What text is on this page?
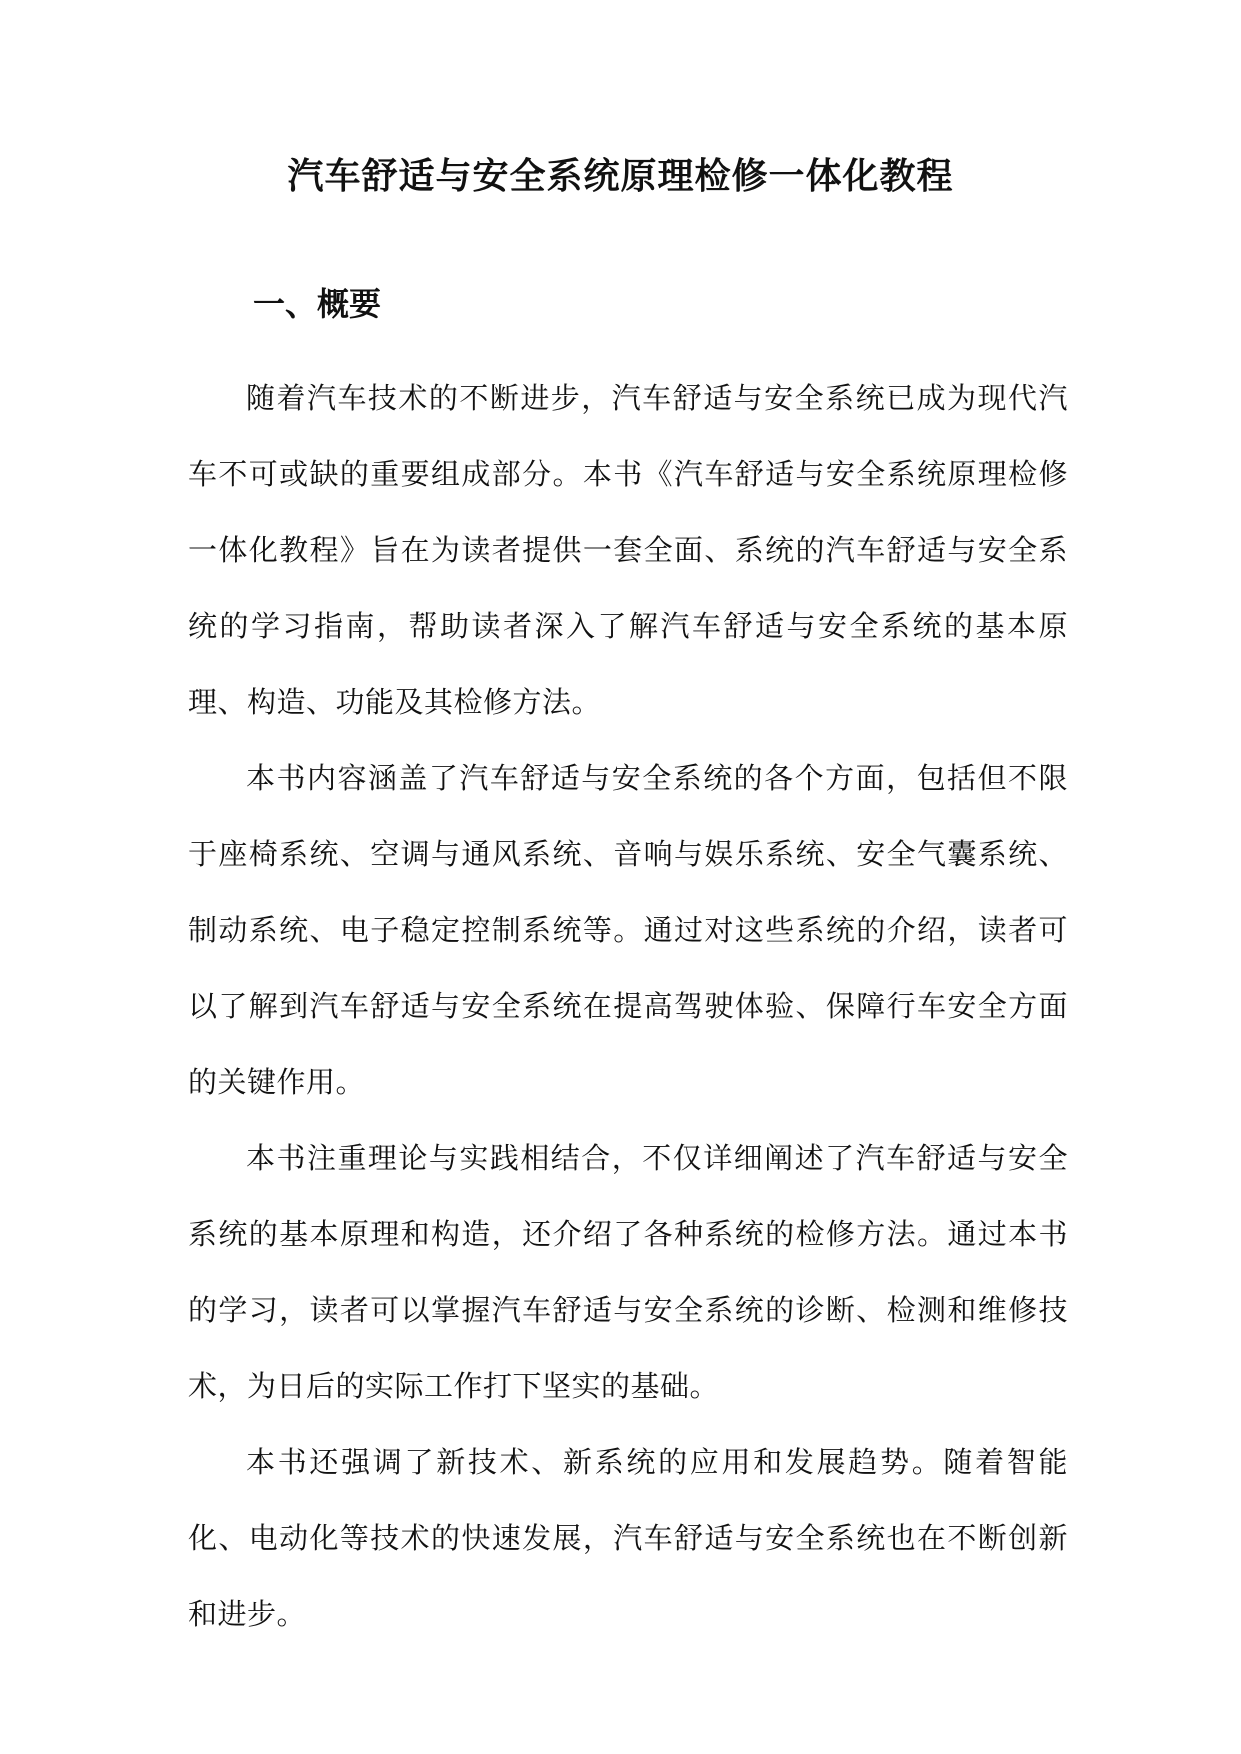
汽车舒适与安全系统原理检修一体化教程
一、概要

随着汽车技术的不断进步，汽车舒适与安全系统已成为现代汽车不可或缺的重要组成部分。本书《汽车舒适与安全系统原理检修一体化教程》旨在为读者提供一套全面、系统的汽车舒适与安全系统的学习指南，帮助读者深入了解汽车舒适与安全系统的基本原理、构造、功能及其检修方法。

本书内容涵盖了汽车舒适与安全系统的各个方面，包括但不限于座椅系统、空调与通风系统、音响与娱乐系统、安全气囊系统、制动系统、电子稳定控制系统等。通过对这些系统的介绍，读者可以了解到汽车舒适与安全系统在提高驾驶体验、保障行车安全方面的关键作用。

本书注重理论与实践相结合，不仅详细阐述了汽车舒适与安全系统的基本原理和构造，还介绍了各种系统的检修方法。通过本书的学习，读者可以掌握汽车舒适与安全系统的诊断、检测和维修技术，为日后的实际工作打下坚实的基础。

本书还强调了新技术、新系统的应用和发展趋势。随着智能化、电动化等技术的快速发展，汽车舒适与安全系统也在不断创新和进步。
